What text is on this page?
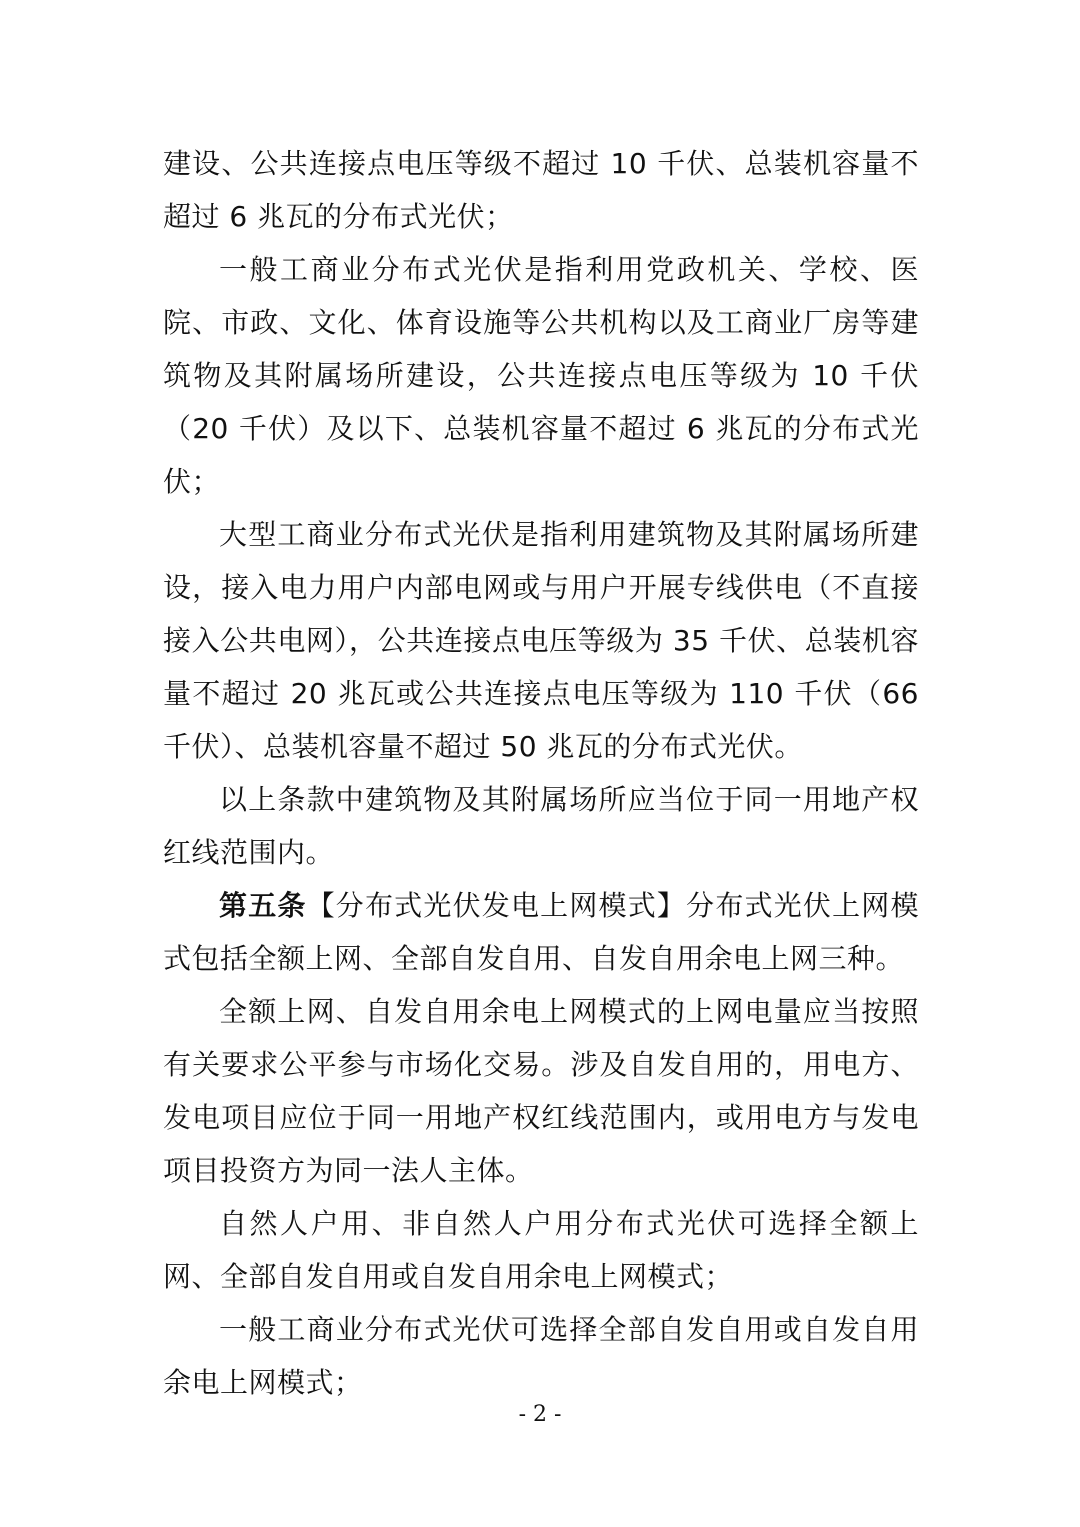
建设、公共连接点电压等级不超过 10 千伏、总装机容量不超过 6 兆瓦的分布式光伏；

一般工商业分布式光伏是指利用党政机关、学校、医院、市政、文化、体育设施等公共机构以及工商业厂房等建筑物及其附属场所建设，公共连接点电压等级为 10 千伏（20 千伏）及以下、总装机容量不超过 6 兆瓦的分布式光伏；

大型工商业分布式光伏是指利用建筑物及其附属场所建设，接入电力用户内部电网或与用户开展专线供电（不直接接入公共电网），公共连接点电压等级为 35 千伏、总装机容量不超过 20 兆瓦或公共连接点电压等级为 110 千伏（66 千伏）、总装机容量不超过 50 兆瓦的分布式光伏。

以上条款中建筑物及其附属场所应当位于同一用地产权红线范围内。

第五条【分布式光伏发电上网模式】分布式光伏上网模式包括全额上网、全部自发自用、自发自用余电上网三种。

全额上网、自发自用余电上网模式的上网电量应当按照有关要求公平参与市场化交易。涉及自发自用的，用电方、发电项目应位于同一用地产权红线范围内，或用电方与发电项目投资方为同一法人主体。

自然人户用、非自然人户用分布式光伏可选择全额上网、全部自发自用或自发自用余电上网模式；

一般工商业分布式光伏可选择全部自发自用或自发自用余电上网模式；

- 2 -
